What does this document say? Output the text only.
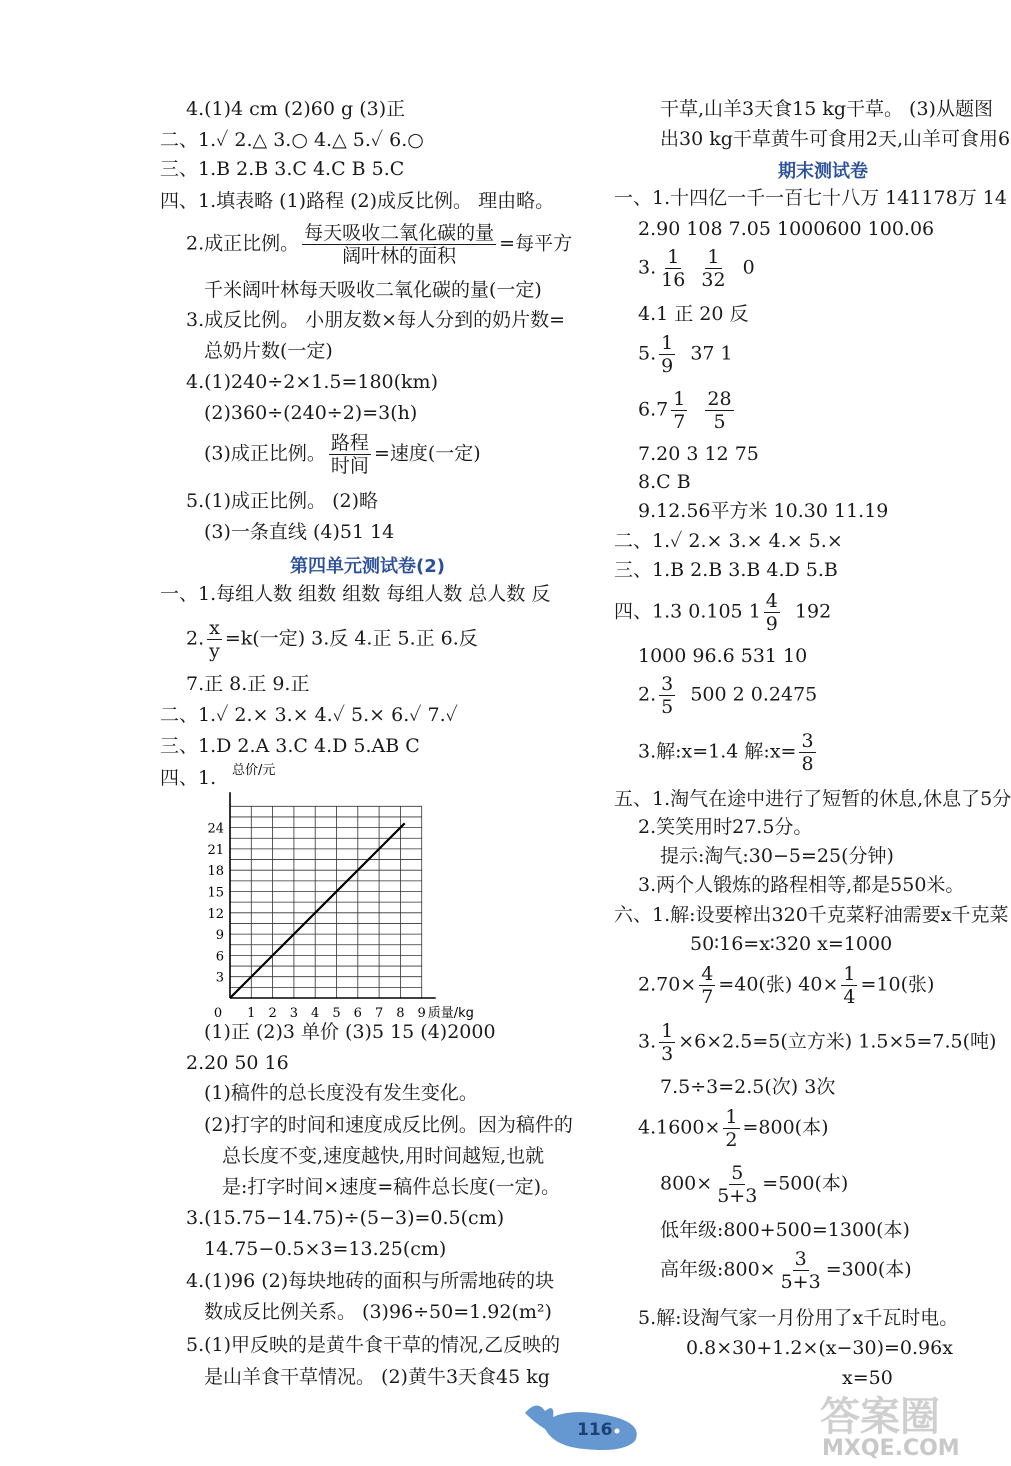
4.(1)4 cm (2)60 g (3)正
二、1.✓ 2.△ 3.○ 4.△ 5.✓ 6.○
三、1.B 2.B 3.C 4.C B 5.C
四、1.填表略 (1)路程 (2)成反比例。 理由略。
2.成正比例。 $\frac{\text{每天吸收二氧化碳的量}}{\text{阔叶林的面积}}$ =每平方
千米阔叶林每天吸收二氧化碳的量(一定)
3.成反比例。 小朋友数×每人分到的奶片数=
总奶片数(一定)
4.(1)240÷2×1.5=180(km)
(2)360÷(240÷2)=3(h)
(3)成正比例。 $\frac{\text{路程}}{\text{时间}}$ =速度(一定)
5.(1)成正比例。 (2)略
(3)一条直线 (4)51 14
第四单元测试卷(2)
一、1.每组人数 组数 组数 每组人数 总人数 反
2. $\frac{x}{y} =k$(一定) 3.反 4.正 5.正 6.反
7.正 8.正 9.正
二、1.✓ 2.× 3.× 4.✓ 5.× 6.✓ 7.✓
三、1.D 2.A 3.C 4.D 5.AB C
四、1.
0 1 2 3 4 5 6 7 8 9
3
6
9
12
15
18
21
24
总价/元
质量/kg
(1)正 (2)3 单价 (3)5 15 (4)2000
2.20 50 16
(1)稿件的总长度没有发生变化。
(2)打字的时间和速度成反比例。因为稿件的
总长度不变,速度越快,用时间越短,也就
是:打字时间×速度=稿件总长度(一定)。
3.(15.75−14.75)÷(5−3)=0.5(cm)
14.75−0.5×3=13.25(cm)
4.(1)96 (2)每块地砖的面积与所需地砖的块
数成反比例关系。 (3)96÷50=1.92(m²)
5.(1)甲反映的是黄牛食干草的情况,乙反映的
是山羊食干草情况。 (2)黄牛3天食45 kg
干草,山羊3天食15 kg干草。 (3)从题图
出30 kg干草黄牛可食用2天,山羊可食用6
期末测试卷
一、1.十四亿一千一百七十八万 141178万 14
2.90 108 7.05 1000600 100.06
3. $\frac{1}{16}$
$\frac{1}{32} 0$
4.1 正 20 反
5. $\frac{1}{9} 37$ 1
$6.7 \frac{1}{7}$
$\frac{28}{5}$
7.20 3 12 75
8.C B
9.12.56平方米 10.30 11.19
二、1.✓ 2.× 3.× 4.× 5.×
三、1.B 2.B 3.B 4.D 5.B
四、1.3 0.105 $1 \frac{4}{9} 192$
1000 96.6 531 10
2. $\frac{3}{5} 500$ 2 0.2475
3.解:x=1.4 解:x= $\frac{3}{8}$
五、1.淘气在途中进行了短暂的休息,休息了5分
2.笑笑用时27.5分。
提示:淘气:30−5=25(分钟)
3.两个人锻炼的路程相等,都是550米。
六、1.解:设要榨出320千克菜籽油需要x千克菜
50∶16=x∶320 x=1000
$2.70\times \frac{4}{7} =40$(张) $40\times \frac{1}{4} =10$(张)
3. $\frac{1}{3} \times 6\times 2.5=5$(立方米) 1.5×5=7.5(吨)
7.5÷3=2.5(次) 3次
$4.1600\times \frac{1}{2} =800$(本)
$800\times \frac{5}{5+3} =500$(本)
低年级:800+500=1300(本)
高年级:800× $\frac{3}{5+3} =300$(本)
5.解:设淘气家一月份用了x千瓦时电。
0.8×30+1.2×(x−30)=0.96x
x=50
116	答案圈
MXQE.COM
